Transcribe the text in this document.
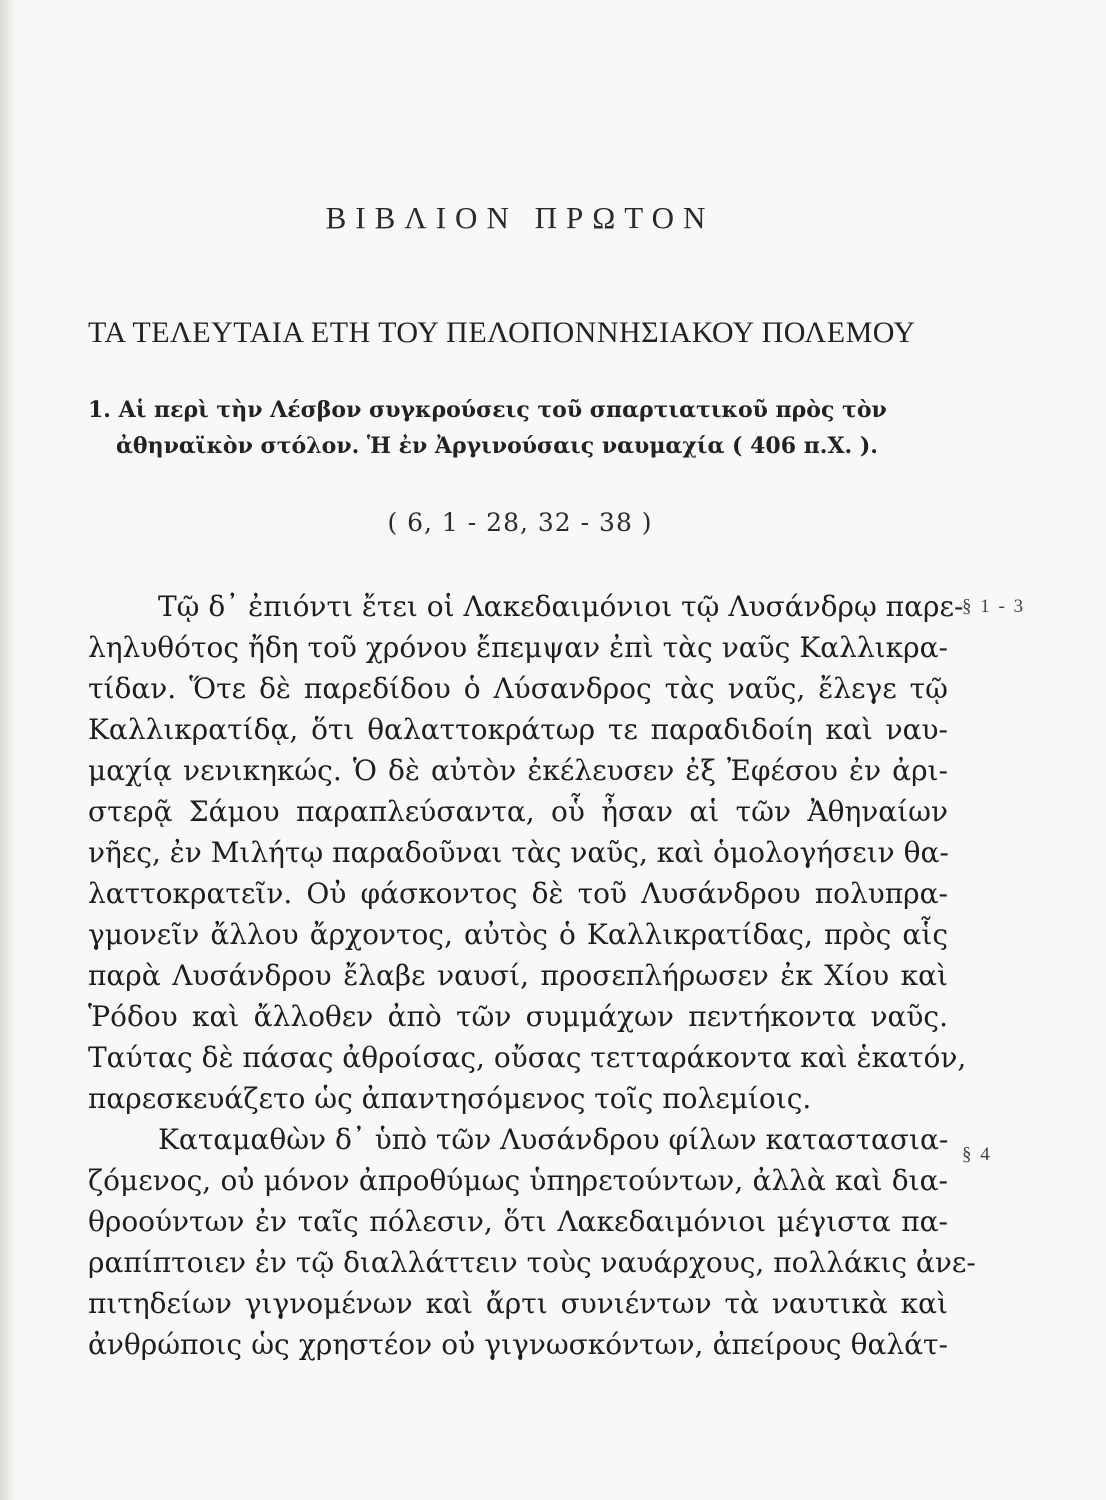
ΒΙΒΛΙΟΝ ΠΡΩΤΟΝ
ΤΑ ΤΕΛΕΥΤΑΙΑ ΕΤΗ ΤΟΥ ΠΕΛΟΠΟΝΝΗΣΙΑΚΟΥ ΠΟΛΕΜΟΥ
1. Αἱ περὶ τὴν Λέσβον συγκρούσεις τοῦ σπαρτιατικοῦ πρὸς τὸν
ἀθηναϊκὸν στόλον. Ἡ ἐν Ἀργινούσαις ναυμαχία ( 406 π.Χ. ).
( 6, 1 - 28, 32 - 38 )
§ 1 - 3
§ 4
Τῷ δ᾽ ἐπιόντι ἔτει οἱ Λακεδαιμόνιοι τῷ Λυσάνδρῳ παρε-
ληλυθότος ἤδη τοῦ χρόνου ἔπεμψαν ἐπὶ τὰς ναῦς Καλλικρα-
τίδαν. Ὅτε δὲ παρεδίδου ὁ Λύσανδρος τὰς ναῦς, ἔλεγε τῷ
Καλλικρατίδᾳ, ὅτι θαλαττοκράτωρ τε παραδιδοίη καὶ ναυ-
μαχίᾳ νενικηκώς. Ὁ δὲ αὐτὸν ἐκέλευσεν ἐξ Ἐφέσου ἐν ἀρι-
στερᾷ Σάμου παραπλεύσαντα, οὗ ἦσαν αἱ τῶν Ἀθηναίων
νῆες, ἐν Μιλήτῳ παραδοῦναι τὰς ναῦς, καὶ ὁμολογήσειν θα-
λαττοκρατεῖν. Οὐ φάσκοντος δὲ τοῦ Λυσάνδρου πολυπρα-
γμονεῖν ἄλλου ἄρχοντος, αὐτὸς ὁ Καλλικρατίδας, πρὸς αἷς
παρὰ Λυσάνδρου ἔλαβε ναυσί, προσεπλήρωσεν ἐκ Χίου καὶ
Ῥόδου καὶ ἄλλοθεν ἀπὸ τῶν συμμάχων πεντήκοντα ναῦς.
Ταύτας δὲ πάσας ἀθροίσας, οὔσας τετταράκοντα καὶ ἑκατόν,
παρεσκευάζετο ὡς ἀπαντησόμενος τοῖς πολεμίοις.
Καταμαθὼν δ᾽ ὑπὸ τῶν Λυσάνδρου φίλων καταστασια-
ζόμενος, οὐ μόνον ἀπροθύμως ὑπηρετούντων, ἀλλὰ καὶ δια-
θροούντων ἐν ταῖς πόλεσιν, ὅτι Λακεδαιμόνιοι μέγιστα πα-
ραπίπτοιεν ἐν τῷ διαλλάττειν τοὺς ναυάρχους, πολλάκις ἀνε-
πιτηδείων γιγνομένων καὶ ἄρτι συνιέντων τὰ ναυτικὰ καὶ
ἀνθρώποις ὡς χρηστέον οὐ γιγνωσκόντων, ἀπείρους θαλάτ-
